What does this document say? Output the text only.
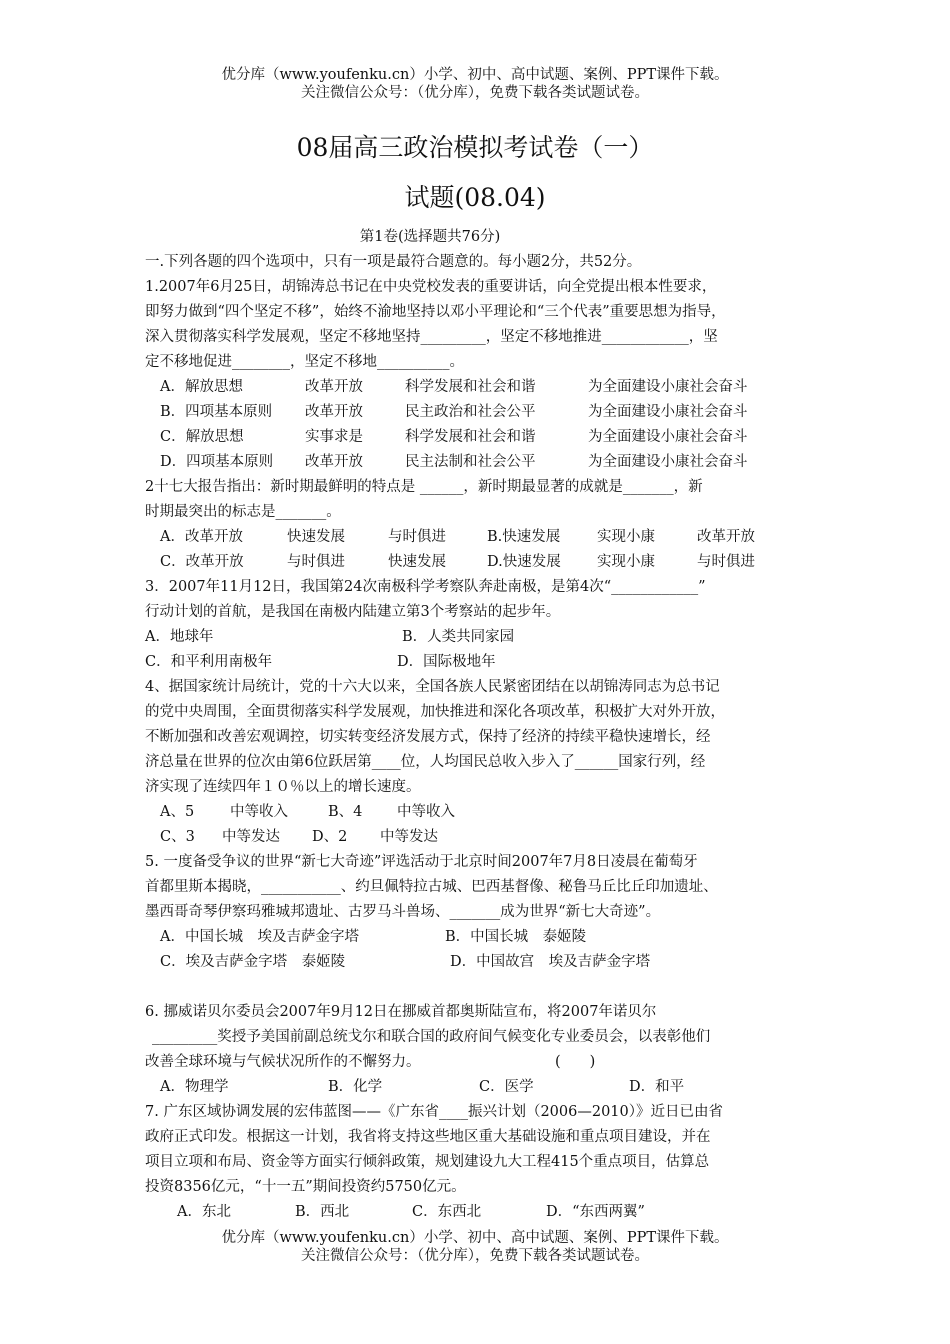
优分库（www.youfenku.cn）小学、初中、高中试题、案例、PPT课件下载。
关注微信公众号：（优分库），免费下载各类试题试卷。
08届高三政治模拟考试卷（一）
试题(08.04)
第1卷(选择题共76分)
一.下列各题的四个选项中，只有一项是最符合题意的。每小题2分，共52分。
1.2007年6月25日，胡锦涛总书记在中央党校发表的重要讲话，向全党提出根本性要求，
即努力做到“四个坚定不移”，始终不渝地坚持以邓小平理论和“三个代表”重要思想为指导，
深入贯彻落实科学发展观，坚定不移地坚持_________，坚定不移地推进____________，坚
定不移地促进________，坚定不移地__________。
A．解放思想	改革开放	科学发展和社会和谐	为全面建设小康社会奋斗
B．四项基本原则 改革开放	民主政治和社会公平	为全面建设小康社会奋斗
C．解放思想	实事求是	科学发展和社会和谐	为全面建设小康社会奋斗
D．四项基本原则 改革开放	民主法制和社会公平	为全面建设小康社会奋斗
2十七大报告指出：新时期最鲜明的特点是 ______，新时期最显著的成就是_______，新
时期最突出的标志是_______。
A．改革开放	快速发展	与时俱进	B.快速发展	实现小康	改革开放
C．改革开放	与时俱进	快速发展	D.快速发展	实现小康	与时俱进
3．2007年11月12日，我国第24次南极科学考察队奔赴南极，是第4次“____________”
行动计划的首航，是我国在南极内陆建立第3个考察站的起步年。
A．地球年	B．人类共同家园
C．和平利用南极年	D．国际极地年
4、据国家统计局统计，党的十六大以来，全国各族人民紧密团结在以胡锦涛同志为总书记
的党中央周围，全面贯彻落实科学发展观，加快推进和深化各项改革，积极扩大对外开放，
不断加强和改善宏观调控，切实转变经济发展方式，保持了经济的持续平稳快速增长，经
济总量在世界的位次由第6位跃居第____位，人均国民总收入步入了______国家行列，经
济实现了连续四年１０％以上的增长速度。
A、5 中等收入	B、4 中等收入
C、3 中等发达 D、2 中等发达
5. 一度备受争议的世界“新七大奇迹”评选活动于北京时间2007年7月8日凌晨在葡萄牙
首都里斯本揭晓，___________、约旦佩特拉古城、巴西基督像、秘鲁马丘比丘印加遗址、
墨西哥奇琴伊察玛雅城邦遗址、古罗马斗兽场、_______成为世界“新七大奇迹”。
A．中国长城　埃及吉萨金字塔	B．中国长城　泰姬陵
C．埃及吉萨金字塔　泰姬陵	D．中国故宫　埃及吉萨金字塔
6. 挪威诺贝尔委员会2007年9月12日在挪威首都奥斯陆宣布，将2007年诺贝尔
_________奖授予美国前副总统戈尔和联合国的政府间气候变化专业委员会，以表彰他们
改善全球环境与气候状况所作的不懈努力。	(　　)
A．物理学	B．化学	C．医学	D．和平
7. 广东区域协调发展的宏伟蓝图——《广东省____振兴计划（2006—2010）》近日已由省
政府正式印发。根据这一计划，我省将支持这些地区重大基础设施和重点项目建设，并在
项目立项和布局、资金等方面实行倾斜政策，规划建设九大工程415个重点项目，估算总
投资8356亿元，“十一五”期间投资约5750亿元。
A．东北	B．西北	C．东西北	D．“东西两翼”
优分库（www.youfenku.cn）小学、初中、高中试题、案例、PPT课件下载。
关注微信公众号：（优分库），免费下载各类试题试卷。
